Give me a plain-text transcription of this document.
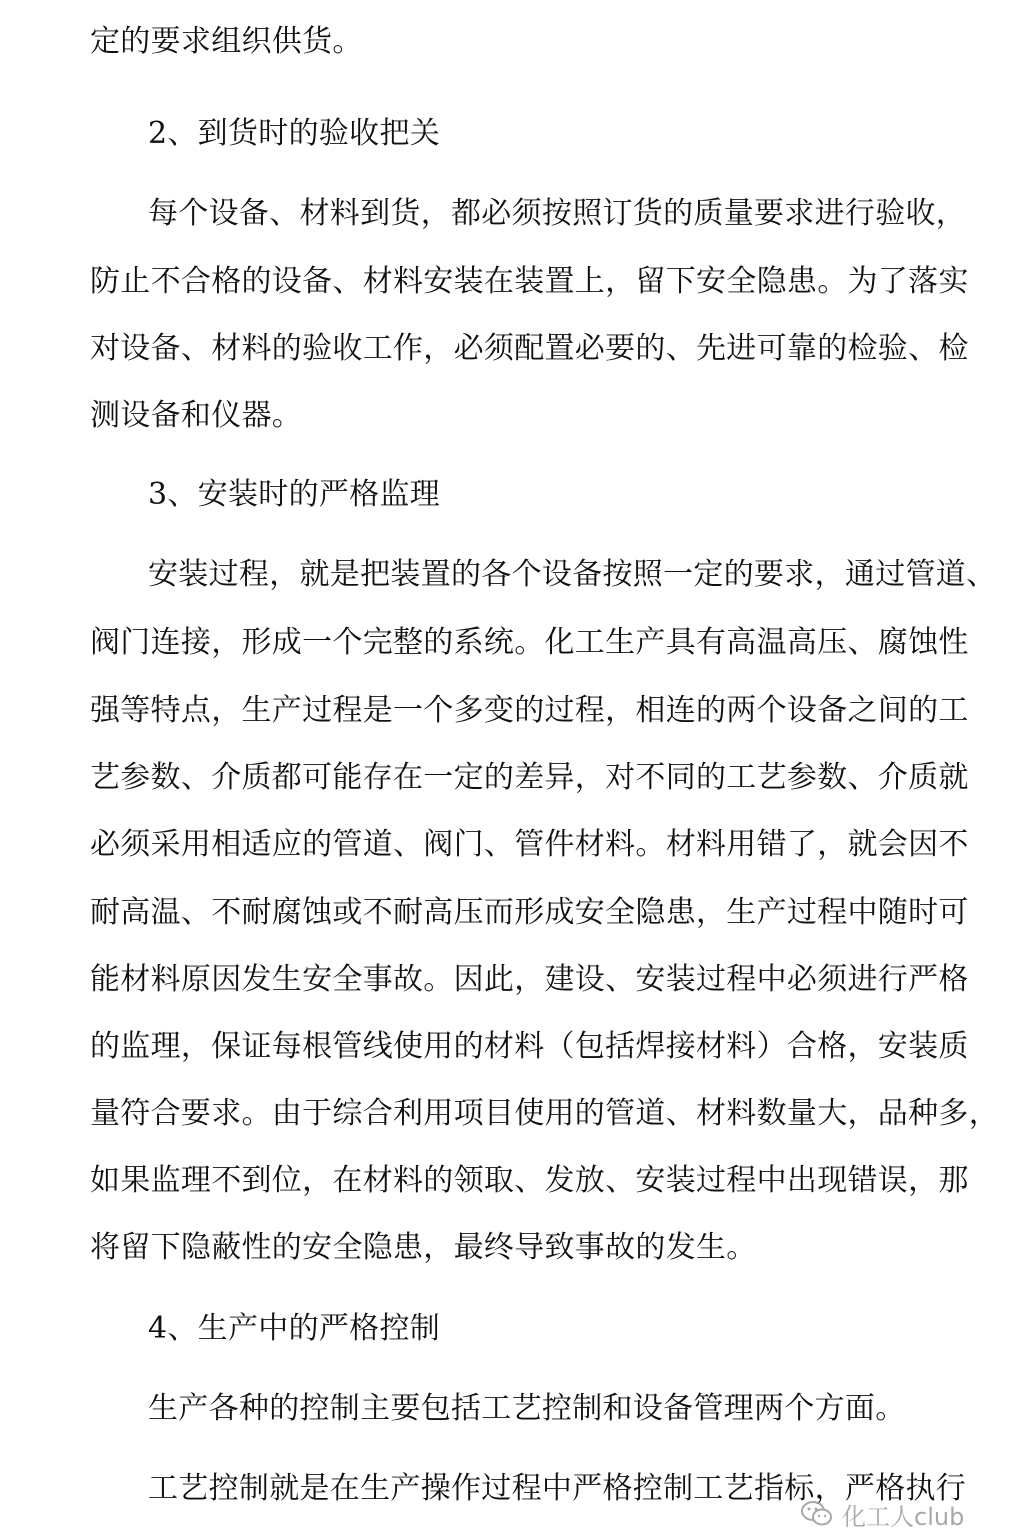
定的要求组织供货。
2、到货时的验收把关
每个设备、材料到货，都必须按照订货的质量要求进行验收，
防止不合格的设备、材料安装在装置上，留下安全隐患。为了落实
对设备、材料的验收工作，必须配置必要的、先进可靠的检验、检
测设备和仪器。
3、安装时的严格监理
安装过程，就是把装置的各个设备按照一定的要求，通过管道、
阀门连接，形成一个完整的系统。化工生产具有高温高压、腐蚀性
强等特点，生产过程是一个多变的过程，相连的两个设备之间的工
艺参数、介质都可能存在一定的差异，对不同的工艺参数、介质就
必须采用相适应的管道、阀门、管件材料。材料用错了，就会因不
耐高温、不耐腐蚀或不耐高压而形成安全隐患，生产过程中随时可
能材料原因发生安全事故。因此，建设、安装过程中必须进行严格
的监理，保证每根管线使用的材料（包括焊接材料）合格，安装质
量符合要求。由于综合利用项目使用的管道、材料数量大，品种多，
如果监理不到位，在材料的领取、发放、安装过程中出现错误，那
将留下隐蔽性的安全隐患，最终导致事故的发生。
4、生产中的严格控制
生产各种的控制主要包括工艺控制和设备管理两个方面。
工艺控制就是在生产操作过程中严格控制工艺指标，严格执行
化工人club
